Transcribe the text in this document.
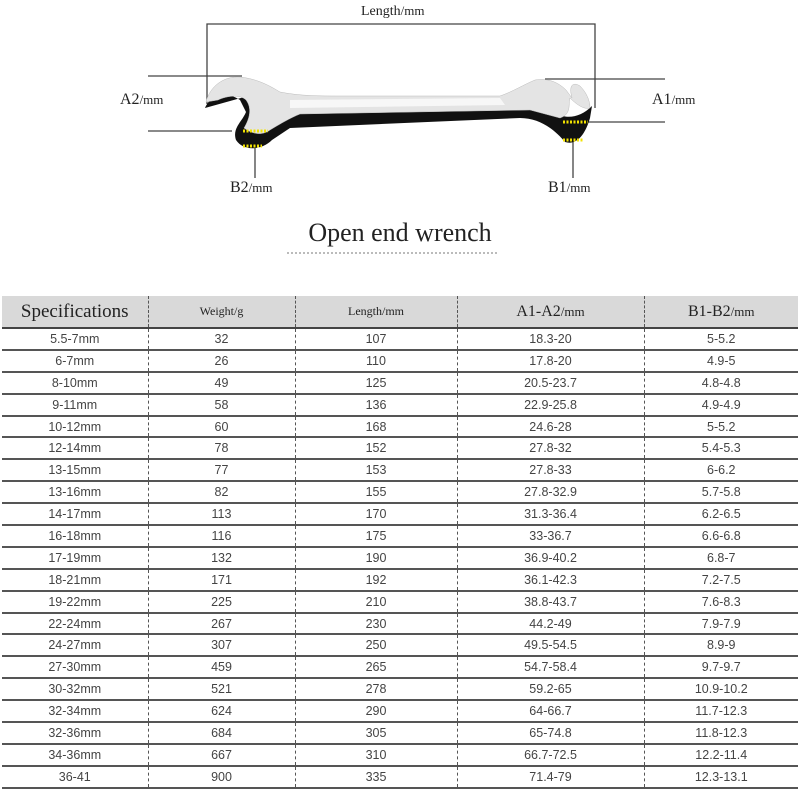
Length/mm
A2/mm	A1/mm
B2/mm	B1/mm
Open end wrench
Specifications	Weight/g	Length/mm	A1-A2/mm	B1-B2/mm
5.5-7mm	32	107	18.3-20	5-5.2
6-7mm	26	110	17.8-20	4.9-5
8-10mm	49	125	20.5-23.7	4.8-4.8
9-11mm	58	136	22.9-25.8	4.9-4.9
10-12mm	60	168	24.6-28	5-5.2
12-14mm	78	152	27.8-32	5.4-5.3
13-15mm	77	153	27.8-33	6-6.2
13-16mm	82	155	27.8-32.9	5.7-5.8
14-17mm	113	170	31.3-36.4	6.2-6.5
16-18mm	116	175	33-36.7	6.6-6.8
17-19mm	132	190	36.9-40.2	6.8-7
18-21mm	171	192	36.1-42.3	7.2-7.5
19-22mm	225	210	38.8-43.7	7.6-8.3
22-24mm	267	230	44.2-49	7.9-7.9
24-27mm	307	250	49.5-54.5	8.9-9
27-30mm	459	265	54.7-58.4	9.7-9.7
30-32mm	521	278	59.2-65	10.9-10.2
32-34mm	624	290	64-66.7	11.7-12.3
32-36mm	684	305	65-74.8	11.8-12.3
34-36mm	667	310	66.7-72.5	12.2-11.4
36-41	900	335	71.4-79	12.3-13.1
